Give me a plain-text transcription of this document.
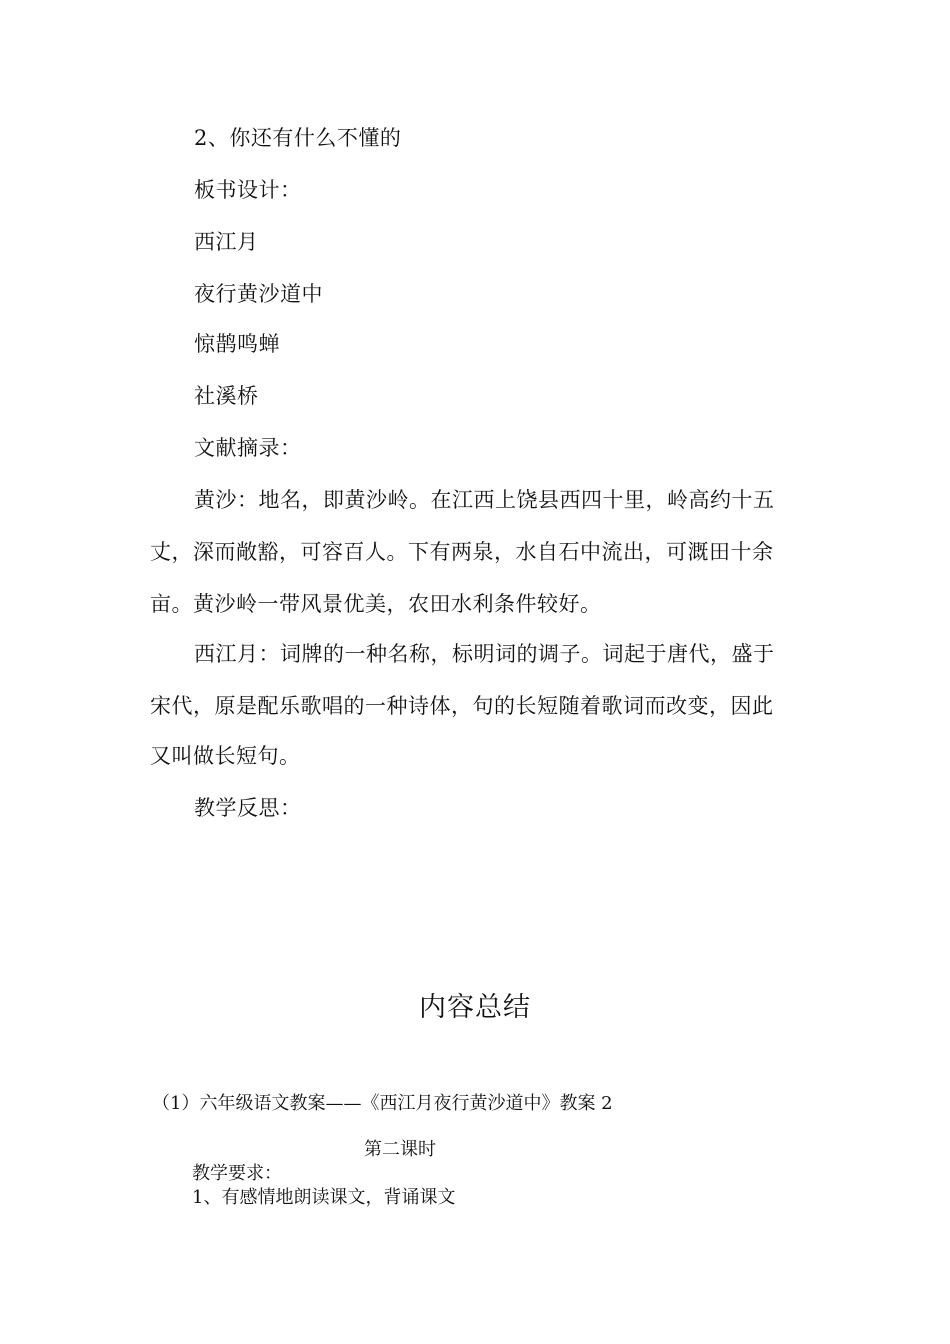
2、你还有什么不懂的
板书设计：
西江月
夜行黄沙道中
惊鹊鸣蝉
社溪桥
文献摘录：
黄沙：地名，即黄沙岭。在江西上饶县西四十里，岭高约十五
丈，深而敞豁，可容百人。下有两泉，水自石中流出，可溉田十余
亩。黄沙岭一带风景优美，农田水利条件较好。
西江月：词牌的一种名称，标明词的调子。词起于唐代，盛于
宋代，原是配乐歌唱的一种诗体，句的长短随着歌词而改变，因此
又叫做长短句。
教学反思：
内容总结
（1）六年级语文教案——《西江月夜行黄沙道中》教案 2
第二课时
教学要求：
1、有感情地朗读课文，背诵课文
